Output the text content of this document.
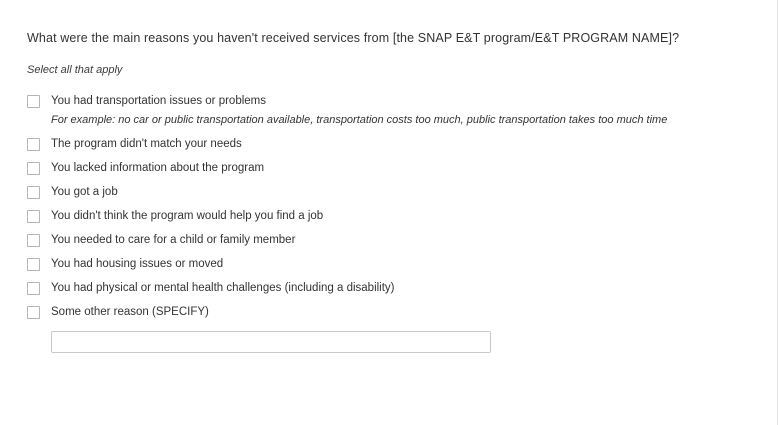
What were the main reasons you haven't received services from [the SNAP E&T program/E&T PROGRAM NAME]?

Select all that apply

You had transportation issues or problems
For example: no car or public transportation available, transportation costs too much, public transportation takes too much time
The program didn't match your needs
You lacked information about the program
You got a job
You didn't think the program would help you find a job
You needed to care for a child or family member
You had housing issues or moved
You had physical or mental health challenges (including a disability)
Some other reason (SPECIFY)
